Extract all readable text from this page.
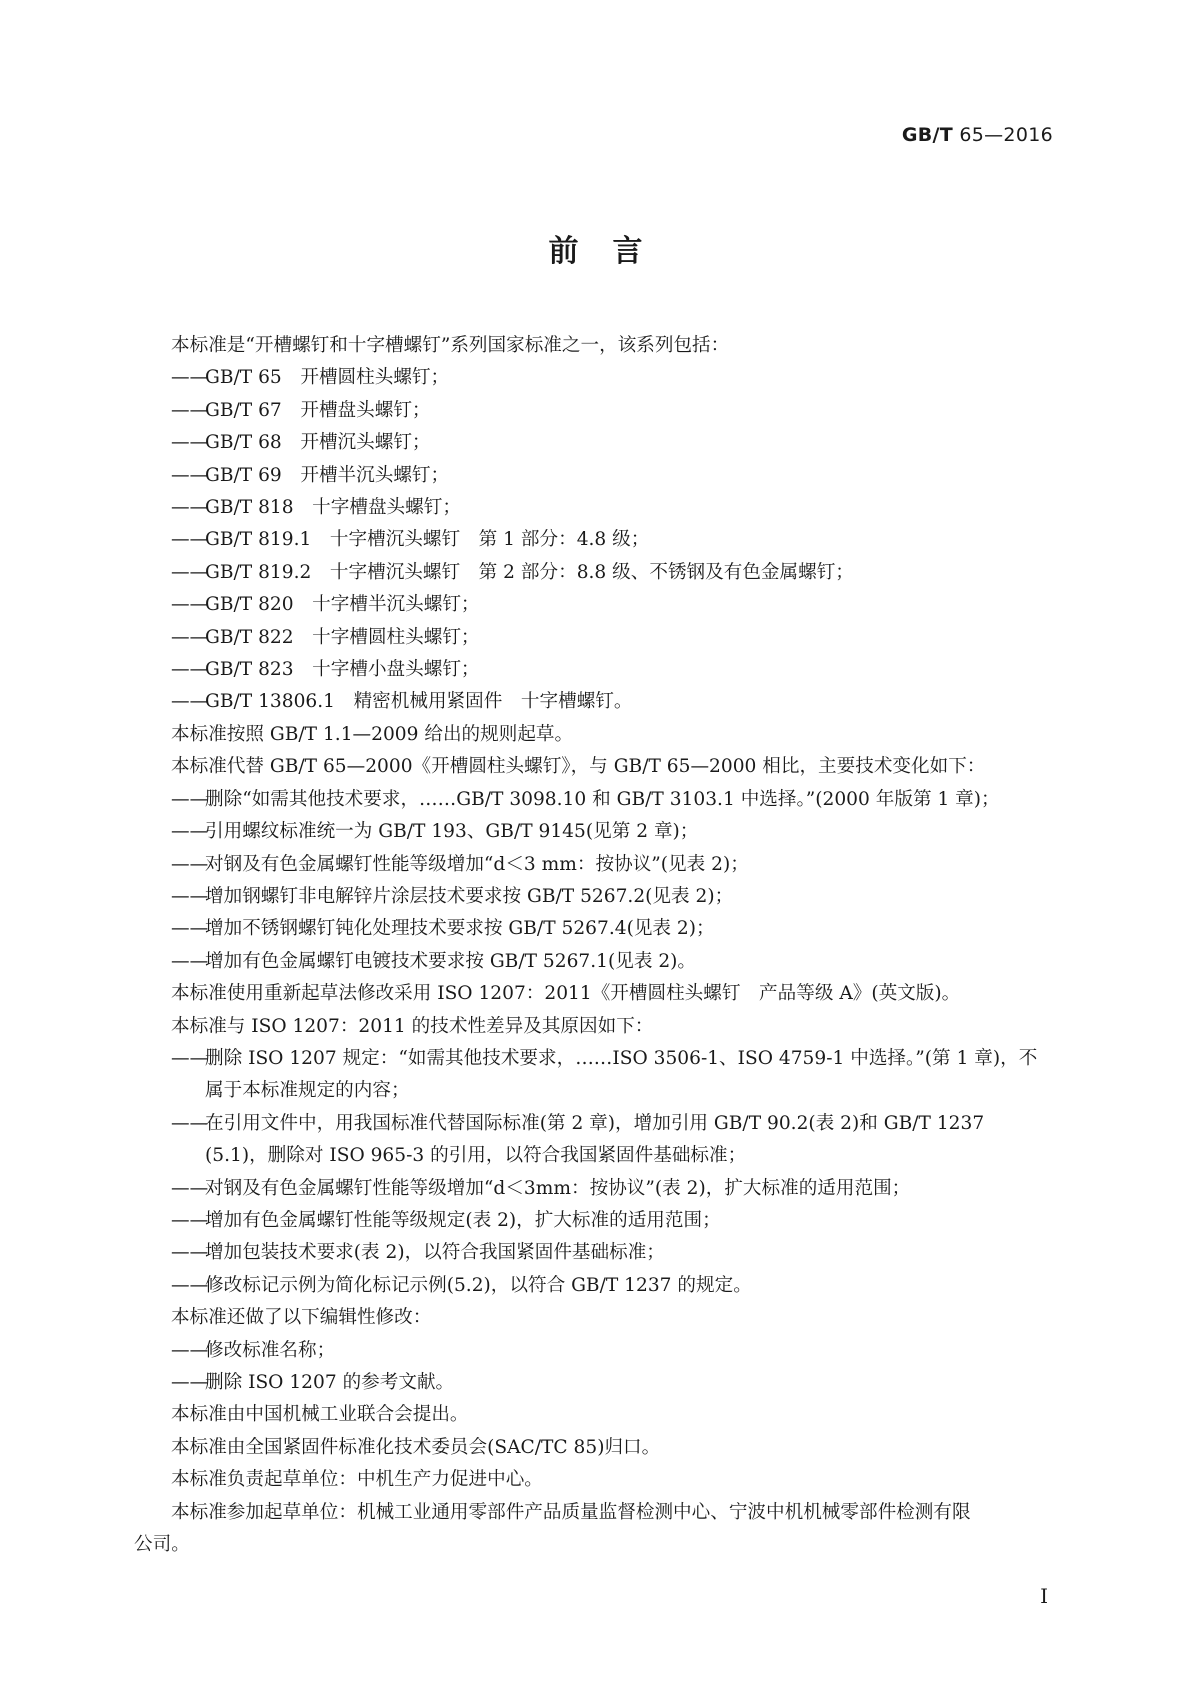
GB/T 65—2016
前言
本标准是“开槽螺钉和十字槽螺钉”系列国家标准之一，该系列包括：
——GB/T 65　开槽圆柱头螺钉；
——GB/T 67　开槽盘头螺钉；
——GB/T 68　开槽沉头螺钉；
——GB/T 69　开槽半沉头螺钉；
——GB/T 818　十字槽盘头螺钉；
——GB/T 819.1　十字槽沉头螺钉　第 1 部分：4.8 级；
——GB/T 819.2　十字槽沉头螺钉　第 2 部分：8.8 级、不锈钢及有色金属螺钉；
——GB/T 820　十字槽半沉头螺钉；
——GB/T 822　十字槽圆柱头螺钉；
——GB/T 823　十字槽小盘头螺钉；
——GB/T 13806.1　精密机械用紧固件　十字槽螺钉。
本标准按照 GB/T 1.1—2009 给出的规则起草。
本标准代替 GB/T 65—2000《开槽圆柱头螺钉》，与 GB/T 65—2000 相比，主要技术变化如下：
——删除“如需其他技术要求，……GB/T 3098.10 和 GB/T 3103.1 中选择。”(2000 年版第 1 章)；
——引用螺纹标准统一为 GB/T 193、GB/T 9145(见第 2 章)；
——对钢及有色金属螺钉性能等级增加“d＜3 mm：按协议”(见表 2)；
——增加钢螺钉非电解锌片涂层技术要求按 GB/T 5267.2(见表 2)；
——增加不锈钢螺钉钝化处理技术要求按 GB/T 5267.4(见表 2)；
——增加有色金属螺钉电镀技术要求按 GB/T 5267.1(见表 2)。
本标准使用重新起草法修改采用 ISO 1207：2011《开槽圆柱头螺钉　产品等级 A》(英文版)。
本标准与 ISO 1207：2011 的技术性差异及其原因如下：
——删除 ISO 1207 规定：“如需其他技术要求，……ISO 3506-1、ISO 4759-1 中选择。”(第 1 章)，不
属于本标准规定的内容；
——在引用文件中，用我国标准代替国际标准(第 2 章)，增加引用 GB/T 90.2(表 2)和 GB/T 1237
(5.1)，删除对 ISO 965-3 的引用，以符合我国紧固件基础标准；
——对钢及有色金属螺钉性能等级增加“d＜3mm：按协议”(表 2)，扩大标准的适用范围；
——增加有色金属螺钉性能等级规定(表 2)，扩大标准的适用范围；
——增加包装技术要求(表 2)，以符合我国紧固件基础标准；
——修改标记示例为简化标记示例(5.2)，以符合 GB/T 1237 的规定。
本标准还做了以下编辑性修改：
——修改标准名称；
——删除 ISO 1207 的参考文献。
本标准由中国机械工业联合会提出。
本标准由全国紧固件标准化技术委员会(SAC/TC 85)归口。
本标准负责起草单位：中机生产力促进中心。
本标准参加起草单位：机械工业通用零部件产品质量监督检测中心、宁波中机机械零部件检测有限
公司。
I
